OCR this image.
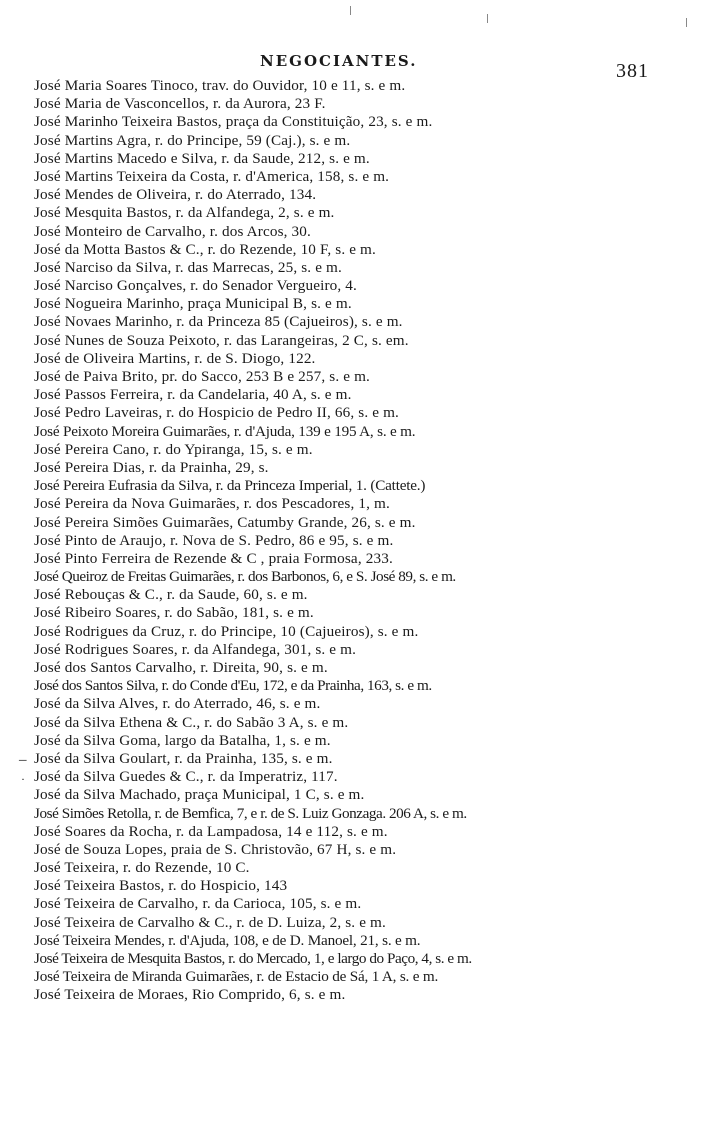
NEGOCIANTES.	381
–
·
José Maria Soares Tinoco, trav. do Ouvidor, 10 e 11, s. e m.
José Maria de Vasconcellos, r. da Aurora, 23 F.
José Marinho Teixeira Bastos, praça da Constituição, 23, s. e m.
José Martins Agra, r. do Principe, 59 (Caj.), s. e m.
José Martins Macedo e Silva, r. da Saude, 212, s. e m.
José Martins Teixeira da Costa, r. d'America, 158, s. e m.
José Mendes de Oliveira, r. do Aterrado, 134.
José Mesquita Bastos, r. da Alfandega, 2, s. e m.
José Monteiro de Carvalho, r. dos Arcos, 30.
José da Motta Bastos & C., r. do Rezende, 10 F, s. e m.
José Narciso da Silva, r. das Marrecas, 25, s. e m.
José Narciso Gonçalves, r. do Senador Vergueiro, 4.
José Nogueira Marinho, praça Municipal B, s. e m.
José Novaes Marinho, r. da Princeza 85 (Cajueiros), s. e m.
José Nunes de Souza Peixoto, r. das Larangeiras, 2 C, s. em.
José de Oliveira Martins, r. de S. Diogo, 122.
José de Paiva Brito, pr. do Sacco, 253 B e 257, s. e m.
José Passos Ferreira, r. da Candelaria, 40 A, s. e m.
José Pedro Laveiras, r. do Hospicio de Pedro II, 66, s. e m.
José Peixoto Moreira Guimarães, r. d'Ajuda, 139 e 195 A, s. e m.
José Pereira Cano, r. do Ypiranga, 15, s. e m.
José Pereira Dias, r. da Prainha, 29, s.
José Pereira Eufrasia da Silva, r. da Princeza Imperial, 1. (Cattete.)
José Pereira da Nova Guimarães, r. dos Pescadores, 1, m.
José Pereira Simões Guimarães, Catumby Grande, 26, s. e m.
José Pinto de Araujo, r. Nova de S. Pedro, 86 e 95, s. e m.
José Pinto Ferreira de Rezende & C , praia Formosa, 233.
José Queiroz de Freitas Guimarães, r. dos Barbonos, 6, e S. José 89, s. e m.
José Rebouças & C., r. da Saude, 60, s. e m.
José Ribeiro Soares, r. do Sabão, 181, s. e m.
José Rodrigues da Cruz, r. do Principe, 10 (Cajueiros), s. e m.
José Rodrigues Soares, r. da Alfandega, 301, s. e m.
José dos Santos Carvalho, r. Direita, 90, s. e m.
José dos Santos Silva, r. do Conde d'Eu, 172, e da Prainha, 163, s. e m.
José da Silva Alves, r. do Aterrado, 46, s. e m.
José da Silva Ethena & C., r. do Sabão 3 A, s. e m.
José da Silva Goma, largo da Batalha, 1, s. e m.
José da Silva Goulart, r. da Prainha, 135, s. e m.
José da Silva Guedes & C., r. da Imperatriz, 117.
José da Silva Machado, praça Municipal, 1 C, s. e m.
José Simões Retolla, r. de Bemfica, 7, e r. de S. Luiz Gonzaga. 206 A, s. e m.
José Soares da Rocha, r. da Lampadosa, 14 e 112, s. e m.
José de Souza Lopes, praia de S. Christovão, 67 H, s. e m.
José Teixeira, r. do Rezende, 10 C.
José Teixeira Bastos, r. do Hospicio, 143
José Teixeira de Carvalho, r. da Carioca, 105, s. e m.
José Teixeira de Carvalho & C., r. de D. Luiza, 2, s. e m.
José Teixeira Mendes, r. d'Ajuda, 108, e de D. Manoel, 21, s. e m.
José Teixeira de Mesquita Bastos, r. do Mercado, 1, e largo do Paço, 4, s. e m.
José Teixeira de Miranda Guimarães, r. de Estacio de Sá, 1 A, s. e m.
José Teixeira de Moraes, Rio Comprido, 6, s. e m.
